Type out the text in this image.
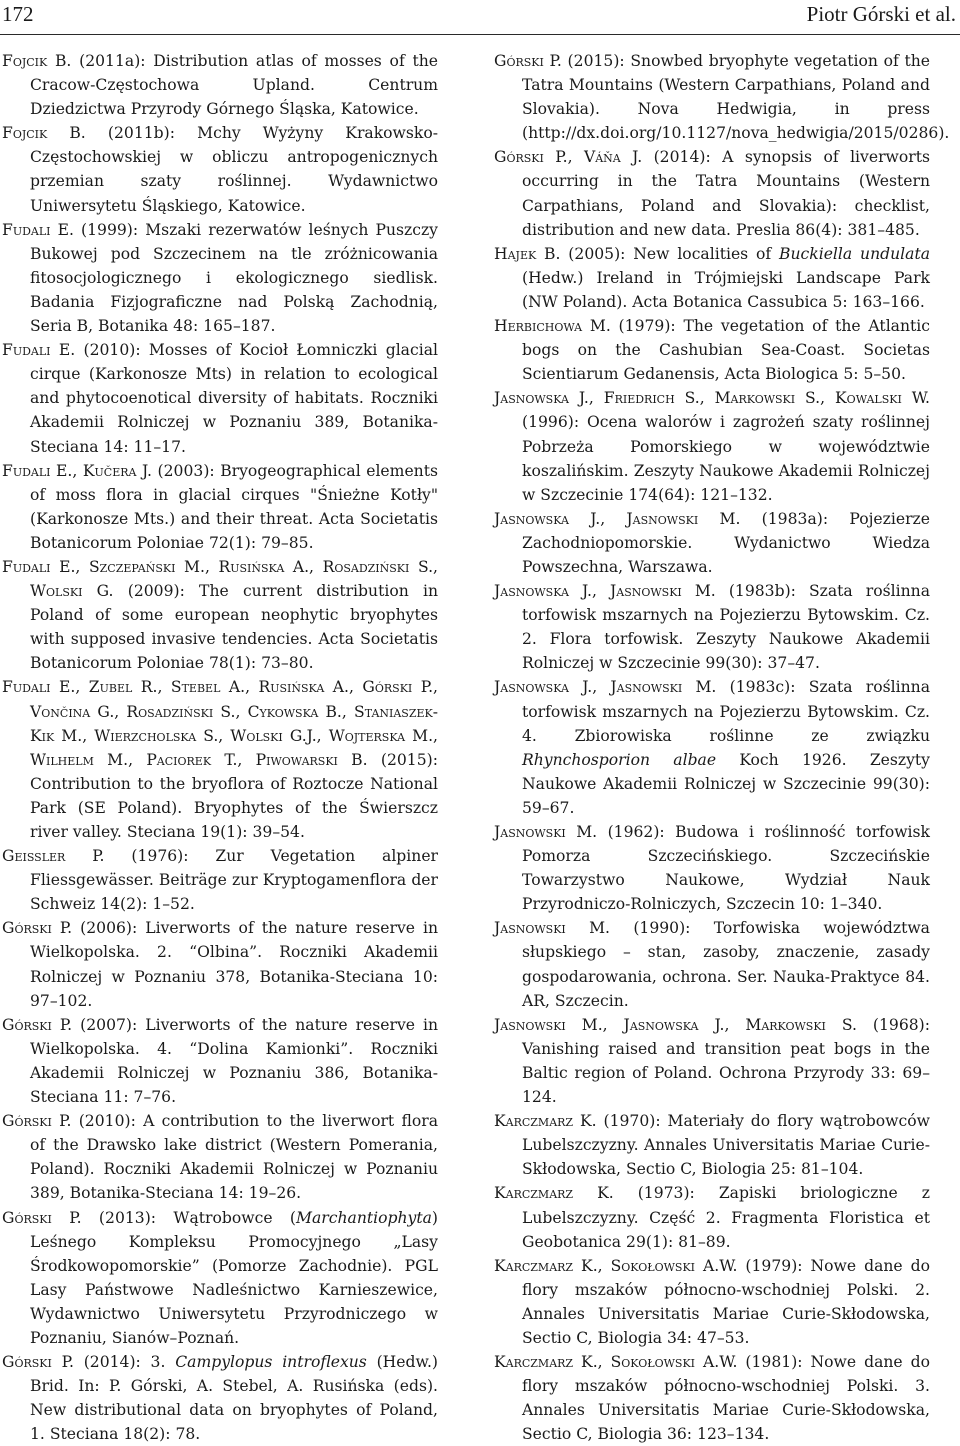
172	Piotr Górski et al.

Fojcik B. (2011a): Distribution atlas of mosses of the Cracow-Częstochowa Upland. Centrum Dziedzictwa Przyrody Górnego Śląska, Katowice.

Fojcik B. (2011b): Mchy Wyżyny Krakowsko-Częstochowskiej w obliczu antropogenicznych przemian szaty roślinnej. Wydawnictwo Uniwersytetu Śląskiego, Katowice.

Fudali E. (1999): Mszaki rezerwatów leśnych Puszczy Bukowej pod Szczecinem na tle zróżnicowania fitosocjologicznego i ekologicznego siedlisk. Badania Fizjograficzne nad Polską Zachodnią, Seria B, Botanika 48: 165–187.

Fudali E. (2010): Mosses of Kocioł Łomniczki glacial cirque (Karkonosze Mts) in relation to ecological and phytocoenotical diversity of habitats. Roczniki Akademii Rolniczej w Poznaniu 389, Botanika-Steciana 14: 11–17.

Fudali E., Kučera J. (2003): Bryogeographical elements of moss flora in glacial cirques "Śnieżne Kotły" (Karkonosze Mts.) and their threat. Acta Societatis Botanicorum Poloniae 72(1): 79–85.

Fudali E., Szczepański M., Rusińska A., Rosadziński S., Wolski G. (2009): The current distribution in Poland of some european neophytic bryophytes with supposed invasive tendencies. Acta Societatis Botanicorum Poloniae 78(1): 73–80.

Fudali E., Zubel R., Stebel A., Rusińska A., Górski P., Vončina G., Rosadziński S., Cykowska B., Staniaszek-Kik M., Wierzcholska S., Wolski G.J., Wojterska M., Wilhelm M., Paciorek T., Piwowarski B. (2015): Contribution to the bryoflora of Roztocze National Park (SE Poland). Bryophytes of the Świerszcz river valley. Steciana 19(1): 39–54.

Geissler P. (1976): Zur Vegetation alpiner Fliessgewässer. Beiträge zur Kryptogamenflora der Schweiz 14(2): 1–52.

Górski P. (2006): Liverworts of the nature reserve in Wielkopolska. 2. “Olbina”. Roczniki Akademii Rolniczej w Poznaniu 378, Botanika-Steciana 10: 97–102.

Górski P. (2007): Liverworts of the nature reserve in Wielkopolska. 4. “Dolina Kamionki”. Roczniki Akademii Rolniczej w Poznaniu 386, Botanika-Steciana 11: 7–76.

Górski P. (2010): A contribution to the liverwort flora of the Drawsko lake district (Western Pomerania, Poland). Roczniki Akademii Rolniczej w Poznaniu 389, Botanika-Steciana 14: 19–26.

Górski P. (2013): Wątrobowce (Marchantiophyta) Leśnego Kompleksu Promocyjnego „Lasy Środkowopomorskie” (Pomorze Zachodnie). PGL Lasy Państwowe Nadleśnictwo Karnieszewice, Wydawnictwo Uniwersytetu Przyrodniczego w Poznaniu, Sianów–Poznań.

Górski P. (2014): 3. Campylopus introflexus (Hedw.) Brid. In: P. Górski, A. Stebel, A. Rusińska (eds). New distributional data on bryophytes of Poland, 1. Steciana 18(2): 78.

Górski P. (2015): Snowbed bryophyte vegetation of the Tatra Mountains (Western Carpathians, Poland and Slovakia). Nova Hedwigia, in press (http://dx.doi.org/10.1127/nova_hedwigia/2015/0286).

Górski P., Váňa J. (2014): A synopsis of liverworts occurring in the Tatra Mountains (Western Carpathians, Poland and Slovakia): checklist, distribution and new data. Preslia 86(4): 381–485.

Hajek B. (2005): New localities of Buckiella undulata (Hedw.) Ireland in Trójmiejski Landscape Park (NW Poland). Acta Botanica Cassubica 5: 163–166.

Herbichowa M. (1979): The vegetation of the Atlantic bogs on the Cashubian Sea-Coast. Societas Scientiarum Gedanensis, Acta Biologica 5: 5–50.

Jasnowska J., Friedrich S., Markowski S., Kowalski W. (1996): Ocena walorów i zagrożeń szaty roślinnej Pobrzeża Pomorskiego w województwie koszalińskim. Zeszyty Naukowe Akademii Rolniczej w Szczecinie 174(64): 121–132.

Jasnowska J., Jasnowski M. (1983a): Pojezierze Zachodniopomorskie. Wydanictwo Wiedza Powszechna, Warszawa.

Jasnowska J., Jasnowski M. (1983b): Szata roślinna torfowisk mszarnych na Pojezierzu Bytowskim. Cz. 2. Flora torfowisk. Zeszyty Naukowe Akademii Rolniczej w Szczecinie 99(30): 37–47.

Jasnowska J., Jasnowski M. (1983c): Szata roślinna torfowisk mszarnych na Pojezierzu Bytowskim. Cz. 4. Zbiorowiska roślinne ze związku Rhynchosporion albae Koch 1926. Zeszyty Naukowe Akademii Rolniczej w Szczecinie 99(30): 59–67.

Jasnowski M. (1962): Budowa i roślinność torfowisk Pomorza Szczecińskiego. Szczecińskie Towarzystwo Naukowe, Wydział Nauk Przyrodniczo-Rolniczych, Szczecin 10: 1–340.

Jasnowski M. (1990): Torfowiska województwa słupskiego – stan, zasoby, znaczenie, zasady gospodarowania, ochrona. Ser. Nauka-Praktyce 84. AR, Szczecin.

Jasnowski M., Jasnowska J., Markowski S. (1968): Vanishing raised and transition peat bogs in the Baltic region of Poland. Ochrona Przyrody 33: 69–124.

Karczmarz K. (1970): Materiały do flory wątrobowców Lubelszczyzny. Annales Universitatis Mariae Curie-Skłodowska, Sectio C, Biologia 25: 81–104.

Karczmarz K. (1973): Zapiski briologiczne z Lubelszczyzny. Część 2. Fragmenta Floristica et Geobotanica 29(1): 81–89.

Karczmarz K., Sokołowski A.W. (1979): Nowe dane do flory mszaków północno-wschodniej Polski. 2. Annales Universitatis Mariae Curie-Skłodowska, Sectio C, Biologia 34: 47–53.

Karczmarz K., Sokołowski A.W. (1981): Nowe dane do flory mszaków północno-wschodniej Polski. 3. Annales Universitatis Mariae Curie-Skłodowska, Sectio C, Biologia 36: 123–134.
